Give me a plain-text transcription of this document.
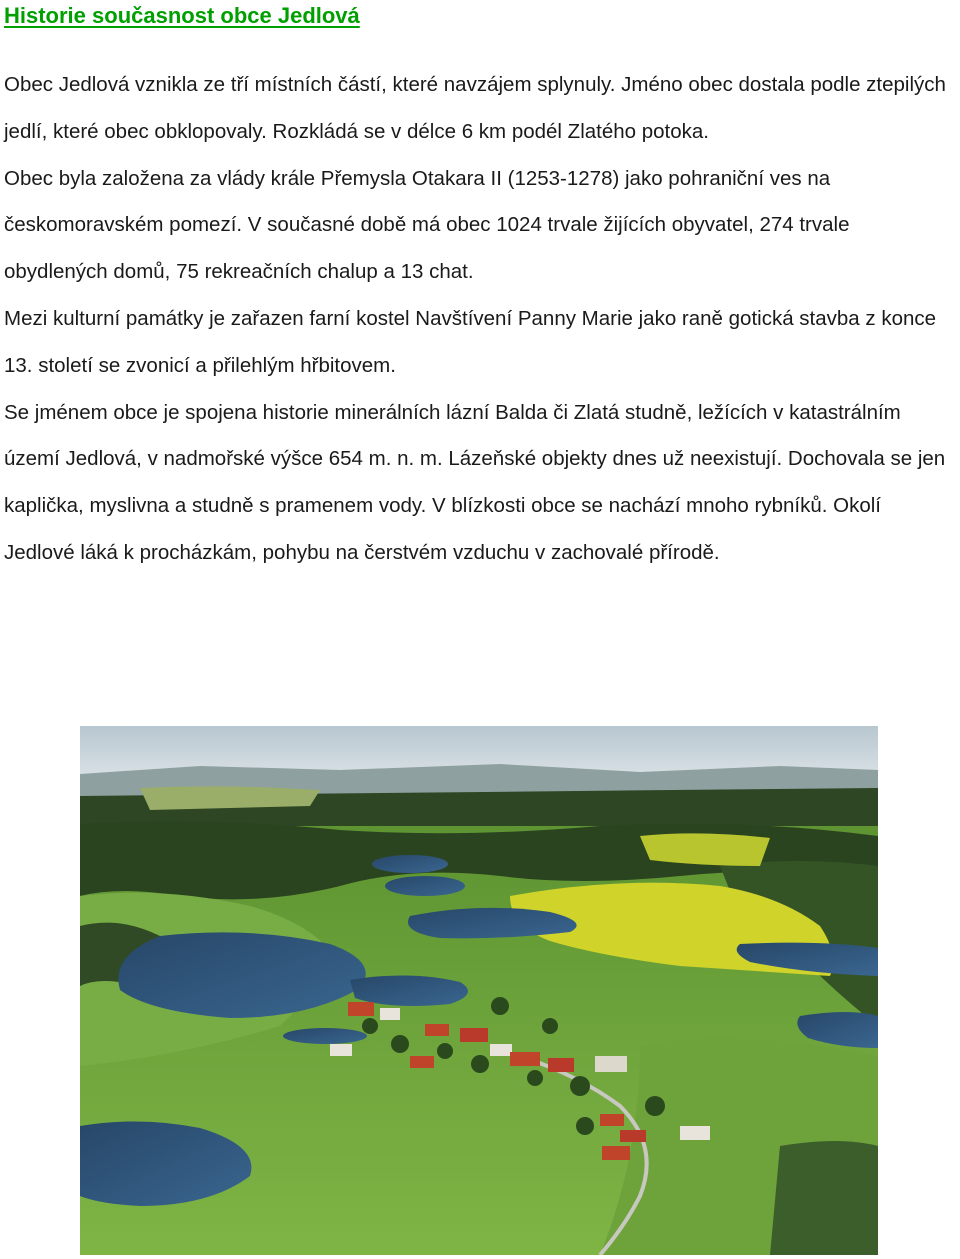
Historie současnost obce Jedlová

Obec Jedlová vznikla ze tří místních částí, které navzájem splynuly. Jméno obec dostala podle ztepilých jedlí, které obec obklopovaly. Rozkládá se v délce 6 km podél Zlatého potoka.

Obec byla založena za vlády krále Přemysla Otakara II (1253-1278) jako pohraniční ves na českomoravském pomezí. V současné době má obec 1024 trvale žijících obyvatel, 274 trvale obydlených domů, 75 rekreačních chalup a 13 chat.

Mezi kulturní památky je zařazen farní kostel Navštívení Panny Marie jako raně gotická stavba z konce 13. století se zvonicí a přilehlým hřbitovem.

Se jménem obce je spojena historie minerálních lázní Balda či Zlatá studně, ležících v katastrálním území Jedlová, v nadmořské výšce 654 m. n. m. Lázeňské objekty dnes už neexistují. Dochovala se jen kaplička, myslivna a studně s pramenem vody. V blízkosti obce se nachází mnoho rybníků. Okolí Jedlové láká k procházkám, pohybu na čerstvém vzduchu v zachovalé přírodě.
